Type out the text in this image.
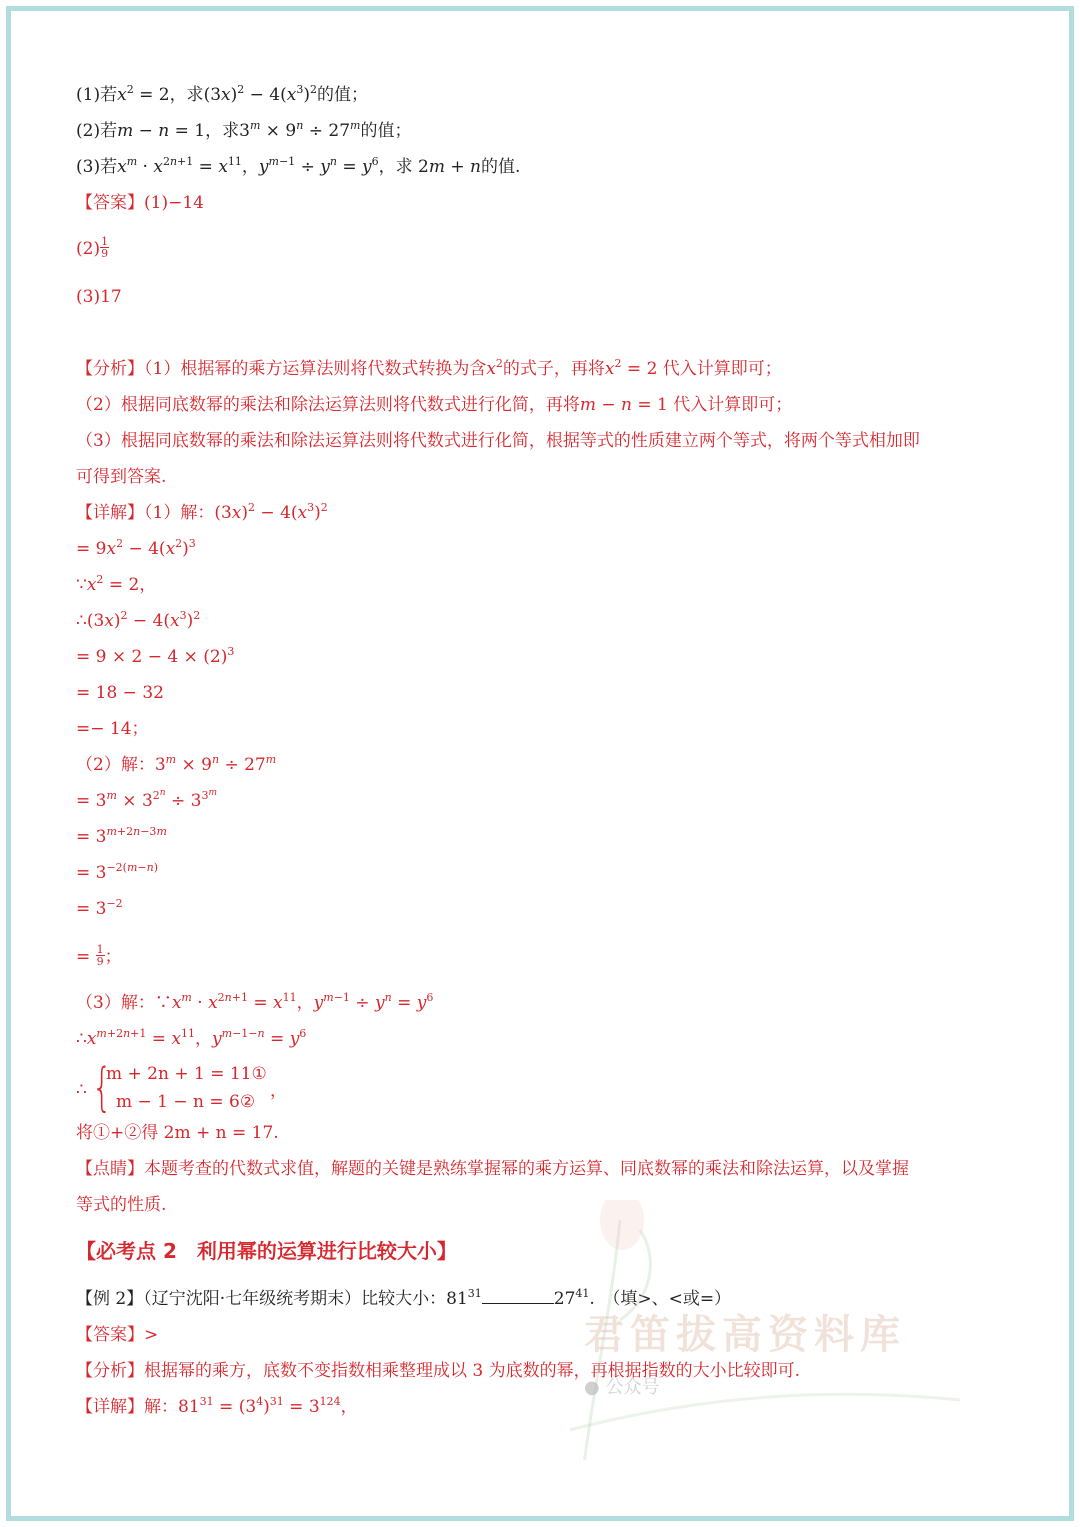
(1)若$x^2 = 2$，求$(3x)^2 - 4(x^3)^2$的值；
(2)若m − n = 1，求$3^m \times 9^n \div 27^m$的值；
(3)若$x^m \cdot x^{2n+1} = x^{11}$，$y^{m-1} \div y^n = y^6$，求 2m + n的值.
【答案】(1)−14
$(2) \frac{1}{9}$
(3)17
【分析】（1）根据幂的乘方运算法则将代数式转换为含$x^2$的式子，再将$x^2 = 2$ 代入计算即可；
（2）根据同底数幂的乘法和除法运算法则将代数式进行化简，再将m − n = 1 代入计算即可；
（3）根据同底数幂的乘法和除法运算法则将代数式进行化简，根据等式的性质建立两个等式，将两个等式相加即
可得到答案.
【详解】（1）解：$(3x)^2 - 4(x^3)^2$
= $9x^2 - 4(x^2)^3$
$\because x^2 = 2$，
$\therefore(3x)^2 - 4(x^3)^2$
= $9 \times 2 - 4 \times (2)^3$
= 18 − 32
=− 14；
（2）解：$3^m \times 9^n \div 27^m$
= $3^m \times 3^{2^n} \div 3^{3^m}$
= $3^{m+2n-3m}$
= $3^{-2(m-n)}$
= $3^{-2}$
= $\frac{1}{9}$ ；
（3）解：$\because x^m \cdot x^{2n+1} = x^{11}$，$y^{m-1} \div y^n = y^6$
$\therefore x^{m+2n+1} = x^{11}$，$y^{m-1-n} = y^6$
∴ {
m + 2n + 1 = 11①
m − 1 − n = 6②
，
将①+②得 2m + n = 17.
【点睛】本题考查的代数式求值，解题的关键是熟练掌握幂的乘方运算、同底数幂的乘法和除法运算，以及掌握
等式的性质.
【必考点 2　利用幂的运算进行比较大小】
【例 2】（辽宁沈阳·七年级统考期末）比较大小：$81^{31}$	$27^{41}$.　（填>、<或=）
【答案】>
【分析】根据幂的乘方，底数不变指数相乘整理成以 3 为底数的幂，再根据指数的大小比较即可.
【详解】解：$81^{31} = (3^4)^{31} = 3^{124}$，
君笛拔高资料库
● 公众号
